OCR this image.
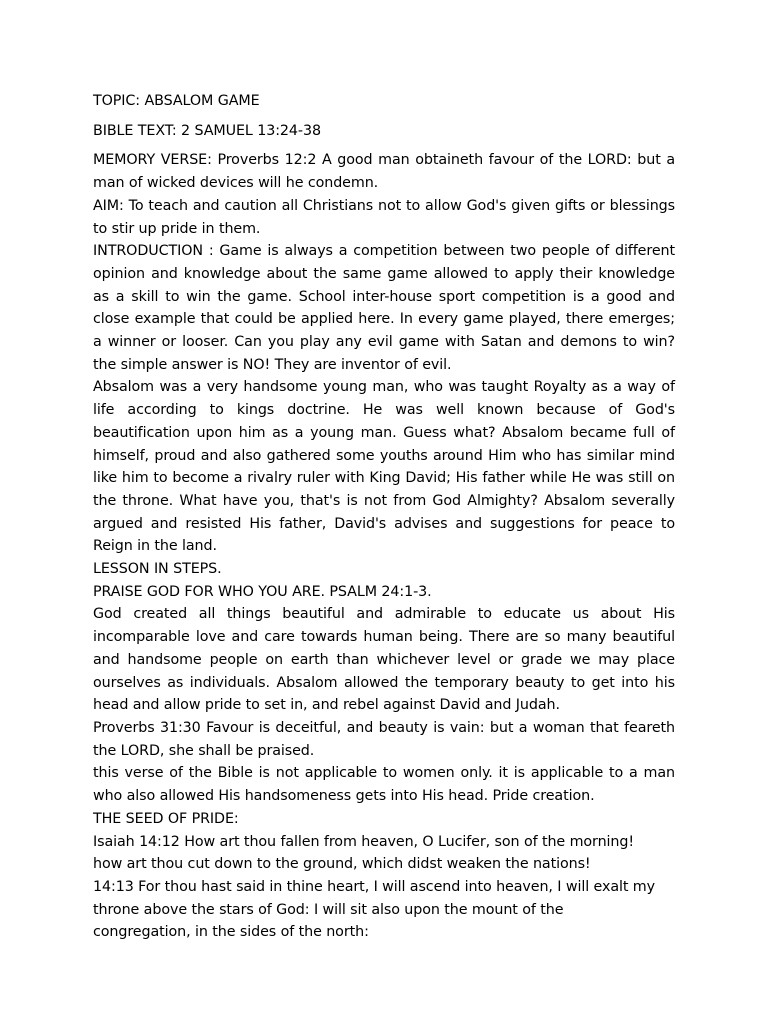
TOPIC: ABSALOM GAME

BIBLE TEXT: 2 SAMUEL 13:24-38

MEMORY VERSE: Proverbs 12:2 A good man obtaineth favour of the LORD: but a man of wicked devices will he condemn.

AIM: To teach and caution all Christians not to allow God's given gifts or blessings to stir up pride in them.

INTRODUCTION : Game is always a competition between two people of different opinion and knowledge about the same game allowed to apply their knowledge as a skill to win the game. School inter-house sport competition is a good and close example that could be applied here. In every game played, there emerges; a winner or looser. Can you play any evil game with Satan and demons to win? the simple answer is NO! They are inventor of evil.

Absalom was a very handsome young man, who was taught Royalty as a way of life according to kings doctrine. He was well known because of God's beautification upon him as a young man. Guess what? Absalom became full of himself, proud and also gathered some youths around Him who has similar mind like him to become a rivalry ruler with King David; His father while He was still on the throne. What have you, that's is not from God Almighty? Absalom severally argued and resisted His father, David's advises and suggestions for peace to Reign in the land.

LESSON IN STEPS.

PRAISE GOD FOR WHO YOU ARE. PSALM 24:1-3.

God created all things beautiful and admirable to educate us about His incomparable love and care towards human being. There are so many beautiful and handsome people on earth than whichever level or grade we may place ourselves as individuals. Absalom allowed the temporary beauty to get into his head and allow pride to set in, and rebel against David and Judah.

Proverbs 31:30 Favour is deceitful, and beauty is vain: but a woman that feareth the LORD, she shall be praised.

this verse of the Bible is not applicable to women only. it is applicable to a man who also allowed His handsomeness gets into His head. Pride creation.

THE SEED OF PRIDE:

Isaiah 14:12 How art thou fallen from heaven, O Lucifer, son of the morning!
how art thou cut down to the ground, which didst weaken the nations!
14:13 For thou hast said in thine heart, I will ascend into heaven, I will exalt my
throne above the stars of God: I will sit also upon the mount of the
congregation, in the sides of the north:
